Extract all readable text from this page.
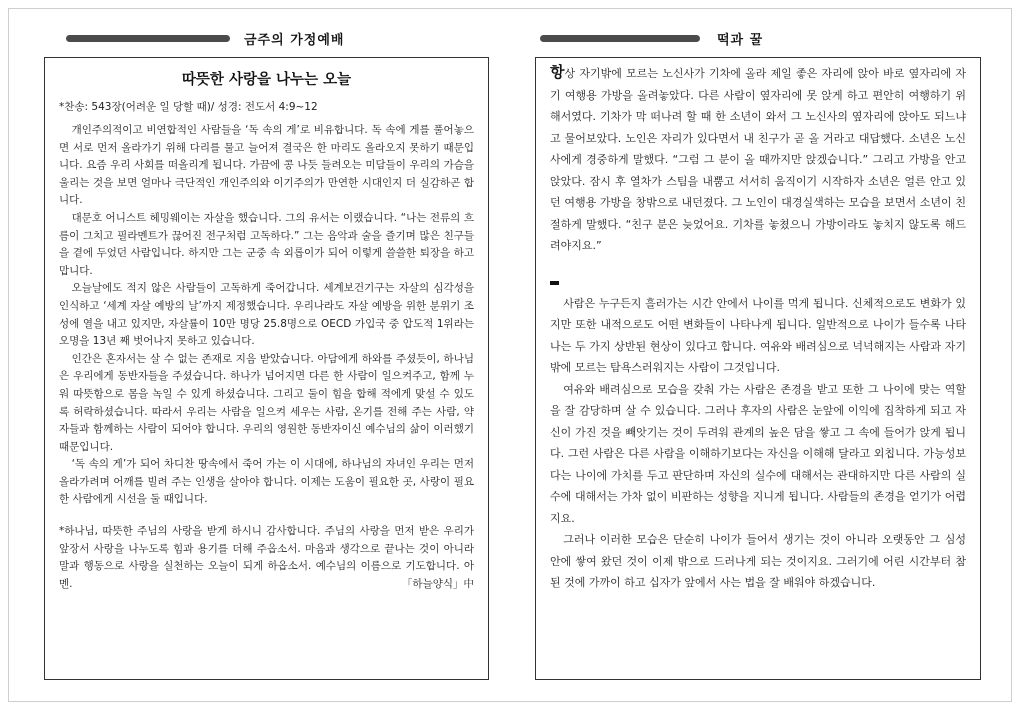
금주의 가정예배	떡과 꿀
따뜻한 사랑을 나누는 오늘
*찬송: 543장(어려운 일 당할 때)/ 성경: 전도서 4:9~12

개인주의적이고 비연합적인 사람들을 ‘독 속의 게’로 비유합니다. 독 속에 게를 풀어놓으면 서로 먼저 올라가기 위해 다리를 물고 늘어져 결국은 한 마리도 올라오지 못하기 때문입니다. 요즘 우리 사회를 떠올리게 됩니다. 가끔에 콩 나듯 들려오는 미담들이 우리의 가슴을 울리는 것을 보면 얼마나 극단적인 개인주의와 이기주의가 만연한 시대인지 더 실감하곤 합니다.

대문호 어니스트 헤밍웨이는 자살을 했습니다. 그의 유서는 이랬습니다. “나는 전류의 흐름이 그치고 필라멘트가 끊어진 전구처럼 고독하다.” 그는 음악과 술을 즐기며 많은 친구들을 곁에 두었던 사람입니다. 하지만 그는 군중 속 외롭이가 되어 이렇게 쓸쓸한 퇴장을 하고 맙니다.

오늘날에도 적지 않은 사람들이 고독하게 죽어갑니다. 세계보건기구는 자살의 심각성을 인식하고 ‘세계 자살 예방의 날’까지 제정했습니다. 우리나라도 자살 예방을 위한 분위기 조성에 열을 내고 있지만, 자살률이 10만 명당 25.8명으로 OECD 가입국 중 압도적 1위라는 오명을 13년 째 벗어나지 못하고 있습니다.

인간은 혼자서는 살 수 없는 존재로 지음 받았습니다. 아담에게 하와를 주셨듯이, 하나님은 우리에게 동반자들을 주셨습니다. 하나가 넘어지면 다른 한 사람이 일으켜주고, 함께 누워 따뜻함으로 몸을 녹일 수 있게 하셨습니다. 그리고 둘이 힘을 합해 적에게 맞설 수 있도록 허락하셨습니다. 따라서 우리는 사람을 일으켜 세우는 사람, 온기를 전해 주는 사람, 약자들과 함께하는 사람이 되어야 합니다. 우리의 영원한 동반자이신 예수님의 삶이 이러했기 때문입니다.

‘독 속의 게’가 되어 차디찬 땅속에서 죽어 가는 이 시대에, 하나님의 자녀인 우리는 먼저 올라가려며 어깨를 빌려 주는 인생을 살아야 합니다. 이제는 도움이 필요한 곳, 사랑이 필요한 사람에게 시선을 둘 때입니다.

*하나님, 따뜻한 주님의 사랑을 받게 하시니 감사합니다. 주님의 사랑을 먼저 받은 우리가 앞장서 사랑을 나누도록 힘과 용기를 더해 주옵소서. 마음과 생각으로 끝나는 것이 아니라 말과 행동으로 사랑을 실천하는 오늘이 되게 하옵소서. 예수님의 이름으로 기도합니다. 아멘.	「하늘양식」中

항상 자기밖에 모르는 노신사가 기차에 올라 제일 좋은 자리에 앉아 바로 옆자리에 자기 여행용 가방을 올려놓았다. 다른 사람이 옆자리에 못 앉게 하고 편안히 여행하기 위해서였다. 기차가 막 떠나려 할 때 한 소년이 와서 그 노신사의 옆자리에 앉아도 되느냐고 물어보았다. 노인은 자리가 있다면서 내 친구가 곧 올 거라고 대답했다. 소년은 노신사에게 경중하게 말했다. “그럼 그 분이 올 때까지만 앉겠습니다.” 그리고 가방을 안고 앉았다. 잠시 후 열차가 스팀을 내뿜고 서서히 움직이기 시작하자 소년은 얼른 안고 있던 여행용 가방을 창밖으로 내던졌다. 그 노인이 대경실색하는 모습을 보면서 소년이 친절하게 말했다. “친구 분은 늦었어요. 기차를 놓쳤으니 가방이라도 놓치지 않도록 해드려야지요.”

사람은 누구든지 흘러가는 시간 안에서 나이를 먹게 됩니다. 신체적으로도 변화가 있지만 또한 내적으로도 어떤 변화들이 나타나게 됩니다. 일반적으로 나이가 들수록 나타나는 두 가지 상반된 현상이 있다고 합니다. 여유와 배려심으로 넉넉해지는 사람과 자기 밖에 모르는 탐욕스러워지는 사람이 그것입니다.

여유와 배려심으로 모습을 갖춰 가는 사람은 존경을 받고 또한 그 나이에 맞는 역할을 잘 감당하며 살 수 있습니다. 그러나 후자의 사람은 눈앞에 이익에 집착하게 되고 자신이 가진 것을 빼앗기는 것이 두려워 관계의 높은 담을 쌓고 그 속에 들어가 앉게 됩니다. 그런 사람은 다른 사람을 이해하기보다는 자신을 이해해 달라고 외칩니다. 가능성보다는 나이에 가치를 두고 판단하며 자신의 실수에 대해서는 관대하지만 다른 사람의 실수에 대해서는 가차 없이 비판하는 성향을 지니게 됩니다. 사람들의 존경을 얻기가 어렵지요.

그러나 이러한 모습은 단순히 나이가 들어서 생기는 것이 아니라 오랫동안 그 심성 안에 쌓여 왔던 것이 이제 밖으로 드러나게 되는 것이지요. 그러기에 어린 시간부터 참된 것에 가까이 하고 십자가 앞에서 사는 법을 잘 배워야 하겠습니다.
